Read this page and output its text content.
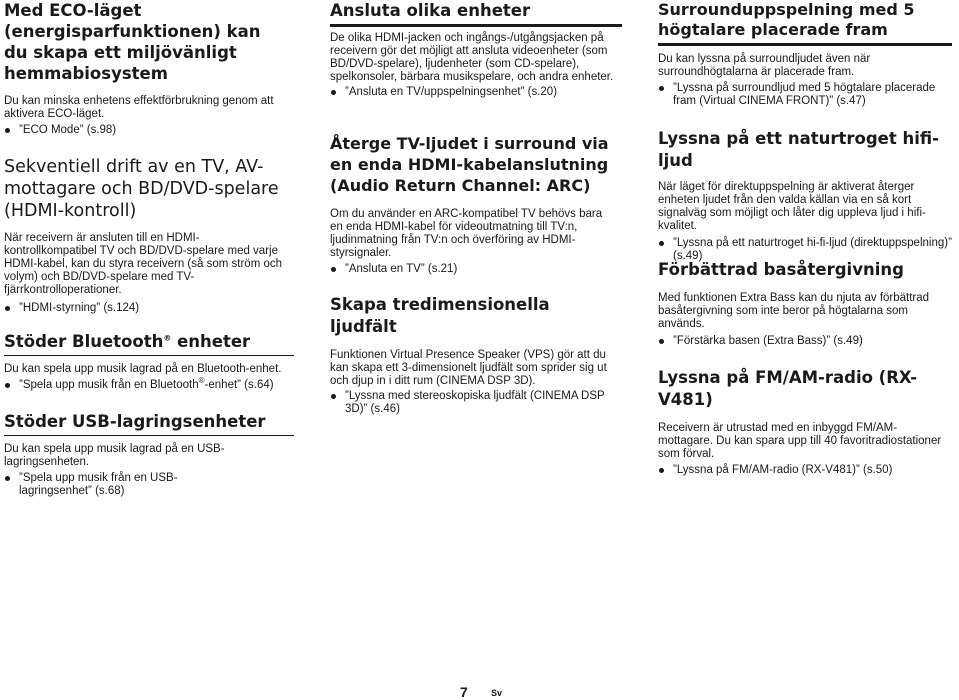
Med ECO-läget (energisparfunktionen) kan du skapa ett miljövänligt hemmabiosystem

Du kan minska enhetens effektförbrukning genom att aktivera ECO-läget.

”ECO Mode” (s.98)
Sekventiell drift av en TV, AV-mottagare och BD/DVD-spelare (HDMI-kontroll)

När receivern är ansluten till en HDMI-kontrollkompatibel TV och BD/DVD-spelare med varje HDMI-kabel, kan du styra receivern (så som ström och volym) och BD/DVD-spelare med TV-fjärrkontrolloperationer.

”HDMI-styrning” (s.124)
Stöder Bluetooth® enheter

Du kan spela upp musik lagrad på en Bluetooth-enhet.

”Spela upp musik från en Bluetooth®-enhet” (s.64)
Stöder USB-lagringsenheter

Du kan spela upp musik lagrad på en USB-lagringsenheten.

”Spela upp musik från en USB-lagringsenhet” (s.68)
Ansluta olika enheter

De olika HDMI-jacken och ingångs-/utgångsjacken på receivern gör det möjligt att ansluta videoenheter (som BD/DVD-spelare), ljudenheter (som CD-spelare), spelkonsoler, bärbara musikspelare, och andra enheter.

”Ansluta en TV/uppspelningsenhet” (s.20)
Återge TV-ljudet i surround via en enda HDMI-kabelanslutning (Audio Return Channel: ARC)

Om du använder en ARC-kompatibel TV behövs bara en enda HDMI-kabel för videoutmatning till TV:n, ljudinmatning från TV:n och överföring av HDMI-styrsignaler.

”Ansluta en TV” (s.21)
Skapa tredimensionella ljudfält

Funktionen Virtual Presence Speaker (VPS) gör att du kan skapa ett 3-dimensionelt ljudfält som sprider sig ut och djup in i ditt rum (CINEMA DSP 3D).

”Lyssna med stereoskopiska ljudfält (CINEMA DSP 3D)” (s.46)
Surrounduppspelning med 5 högtalare placerade fram

Du kan lyssna på surroundljudet även när surroundhögtalarna är placerade fram.

”Lyssna på surroundljud med 5 högtalare placerade fram (Virtual CINEMA FRONT)” (s.47)
Lyssna på ett naturtroget hifi-ljud

När läget för direktuppspelning är aktiverat återger enheten ljudet från den valda källan via en så kort signalväg som möjligt och låter dig uppleva ljud i hifi-kvalitet.

”Lyssna på ett naturtroget hi-fi-ljud (direktuppspelning)” (s.49)
Förbättrad basåtergivning

Med funktionen Extra Bass kan du njuta av förbättrad basåtergivning som inte beror på högtalarna som används.

”Förstärka basen (Extra Bass)” (s.49)
Lyssna på FM/AM-radio (RX-V481)

Receivern är utrustad med en inbyggd FM/AM-mottagare. Du kan spara upp till 40 favoritradiostationer som förval.

”Lyssna på FM/AM-radio (RX-V481)” (s.50)
7	Sv
